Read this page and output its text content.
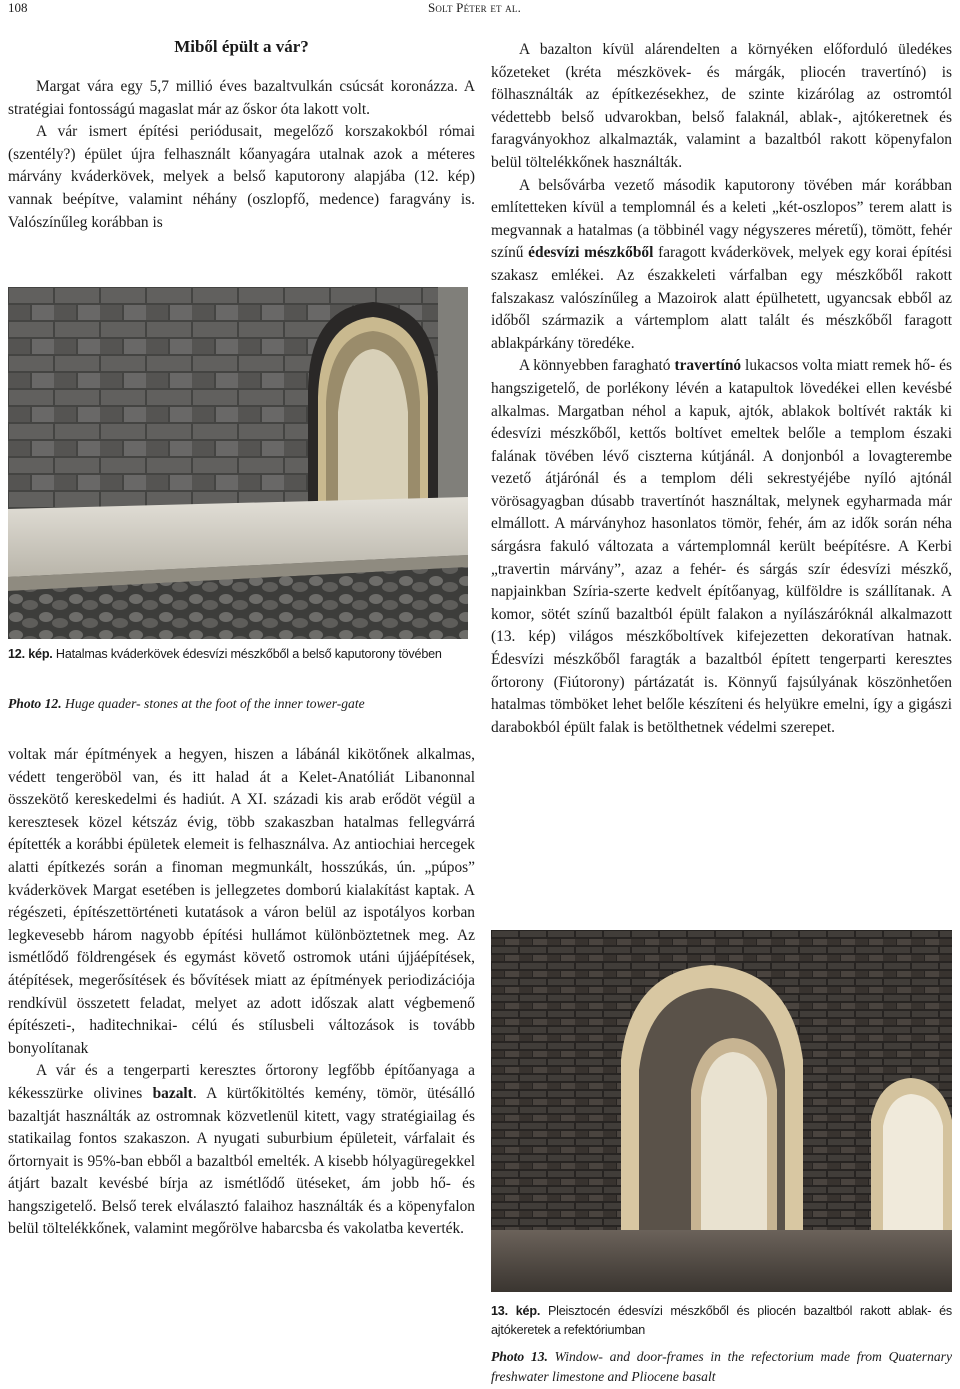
108	Solt Péter et al.
Miből épült a vár?

Margat vára egy 5,7 millió éves bazaltvulkán csúcsát koronázza. A stratégiai fontosságú magaslat már az őskor óta lakott volt.

A vár ismert építési periódusait, megelőző korszakokból római (szentély?) épület újra felhasznált kőanyagára utalnak azok a méteres márvány kváderkövek, melyek a belső kaputorony alapjába (12. kép) vannak beépítve, valamint néhány (oszlopfő, medence) faragvány is. Valószínűleg korábban is

12. kép. Hatalmas kváderkövek édesvízi mészkőből a belső kaputorony tövében

Photo 12. Huge quader- stones at the foot of the inner tower-gate

voltak már építmények a hegyen, hiszen a lábánál kikötőnek alkalmas, védett tengeröböl van, és itt halad át a Kelet-Anatóliát Libanonnal összekötő kereskedelmi és hadiút. A XI. századi kis arab erődöt végül a keresztesek közel kétszáz évig, több szakaszban hatalmas fellegvárrá építették a korábbi épületek elemeit is felhasználva. Az antiochiai hercegek alatti építkezés során a finoman megmunkált, hosszúkás, ún. „púpos” kváderkövek Margat esetében is jellegzetes domború kialakítást kaptak. A régészeti, építészettörténeti kutatások a váron belül az ispotályos korban legkevesebb három nagyobb építési hullámot különböztetnek meg. Az ismétlődő földrengések és egymást követő ostromok utáni újjáépítések, átépítések, megerősítések és bővítések miatt az építmények periodizációja rendkívül összetett feladat, melyet az adott időszak alatt végbemenő építészeti-, haditechnikai- célú és stílusbeli változások is tovább bonyolítanak

A vár és a tengerparti keresztes őrtorony legfőbb építőanyaga a kékesszürke olivines bazalt. A kürtőkitöltés kemény, tömör, ütésálló bazaltját használták az ostromnak közvetlenül kitett, vagy stratégiailag és statikailag fontos szakaszon. A nyugati suburbium épületeit, várfalait és őrtornyait is 95%-ban ebből a bazaltból emelték. A kisebb hólyagüregekkel átjárt bazalt kevésbé bírja az ismétlődő ütéseket, ám jobb hő- és hangszigetelő. Belső terek elválasztó falaihoz használták és a köpenyfalon belül töltelékkőnek, valamint megőrölve habarcsba és vakolatba keverték.

A bazalton kívül alárendelten a környéken előforduló üledékes kőzeteket (kréta mészkövek- és márgák, pliocén travertínó) is fölhasználták az építkezésekhez, de szinte kizárólag az ostromtól védettebb belső udvarokban, belső falaknál, ablak-, ajtókeretnek és faragványokhoz alkalmazták, valamint a bazaltból rakott köpenyfalon belül töltelékkőnek használták.

A belsővárba vezető második kaputorony tövében már korábban említetteken kívül a templomnál és a keleti „két-oszlopos” terem alatt is megvannak a hatalmas (a többinél vagy négyszeres méretű), tömött, fehér színű édesvízi mészkőből faragott kváderkövek, melyek egy korai építési szakasz emlékei. Az északkeleti várfalban egy mészkőből rakott falszakasz valószínűleg a Mazoirok alatt épülhetett, ugyancsak ebből az időből származik a vártemplom alatt talált és mészkőből faragott ablakpárkány töredéke.

A könnyebben faragható travertínó lukacsos volta miatt remek hő- és hangszigetelő, de porlékony lévén a katapultok lövedékei ellen kevésbé alkalmas. Margatban néhol a kapuk, ajtók, ablakok boltívét rakták ki édesvízi mészkőből, kettős boltívet emeltek belőle a templom északi falának tövében lévő ciszterna kútjánál. A donjonból a lovagterembe vezető átjárónál és a templom déli sekrestyéjébe nyíló ajtónál vörösagyagban dúsabb travertínót használtak, melynek egyharmada már elmállott. A márványhoz hasonlatos tömör, fehér, ám az idők során néha sárgásra fakuló változata a vártemplomnál került beépítésre. A Kerbi „travertin márvány”, azaz a fehér- és sárgás szír édesvízi mészkő, napjainkban Szíria-szerte kedvelt építőanyag, külföldre is szállítanak. A komor, sötét színű bazaltból épült falakon a nyílászáróknál alkalmazott (13. kép) világos mészkőboltívek kifejezetten dekoratívan hatnak. Édesvízi mészkőből faragták a bazaltból épített tengerparti keresztes őrtorony (Fiútorony) pártázatát is. Könnyű fajsúlyának köszönhetően hatalmas tömböket lehet belőle készíteni és helyükre emelni, így a gigászi darabokból épült falak is betölthetnek védelmi szerepet.

13. kép. Pleisztocén édesvízi mészkőből és pliocén bazaltból rakott ablak- és ajtókeretek a refektóriumban

Photo 13. Window- and door-frames in the refectorium made from Quaternary freshwater limestone and Pliocene basalt
